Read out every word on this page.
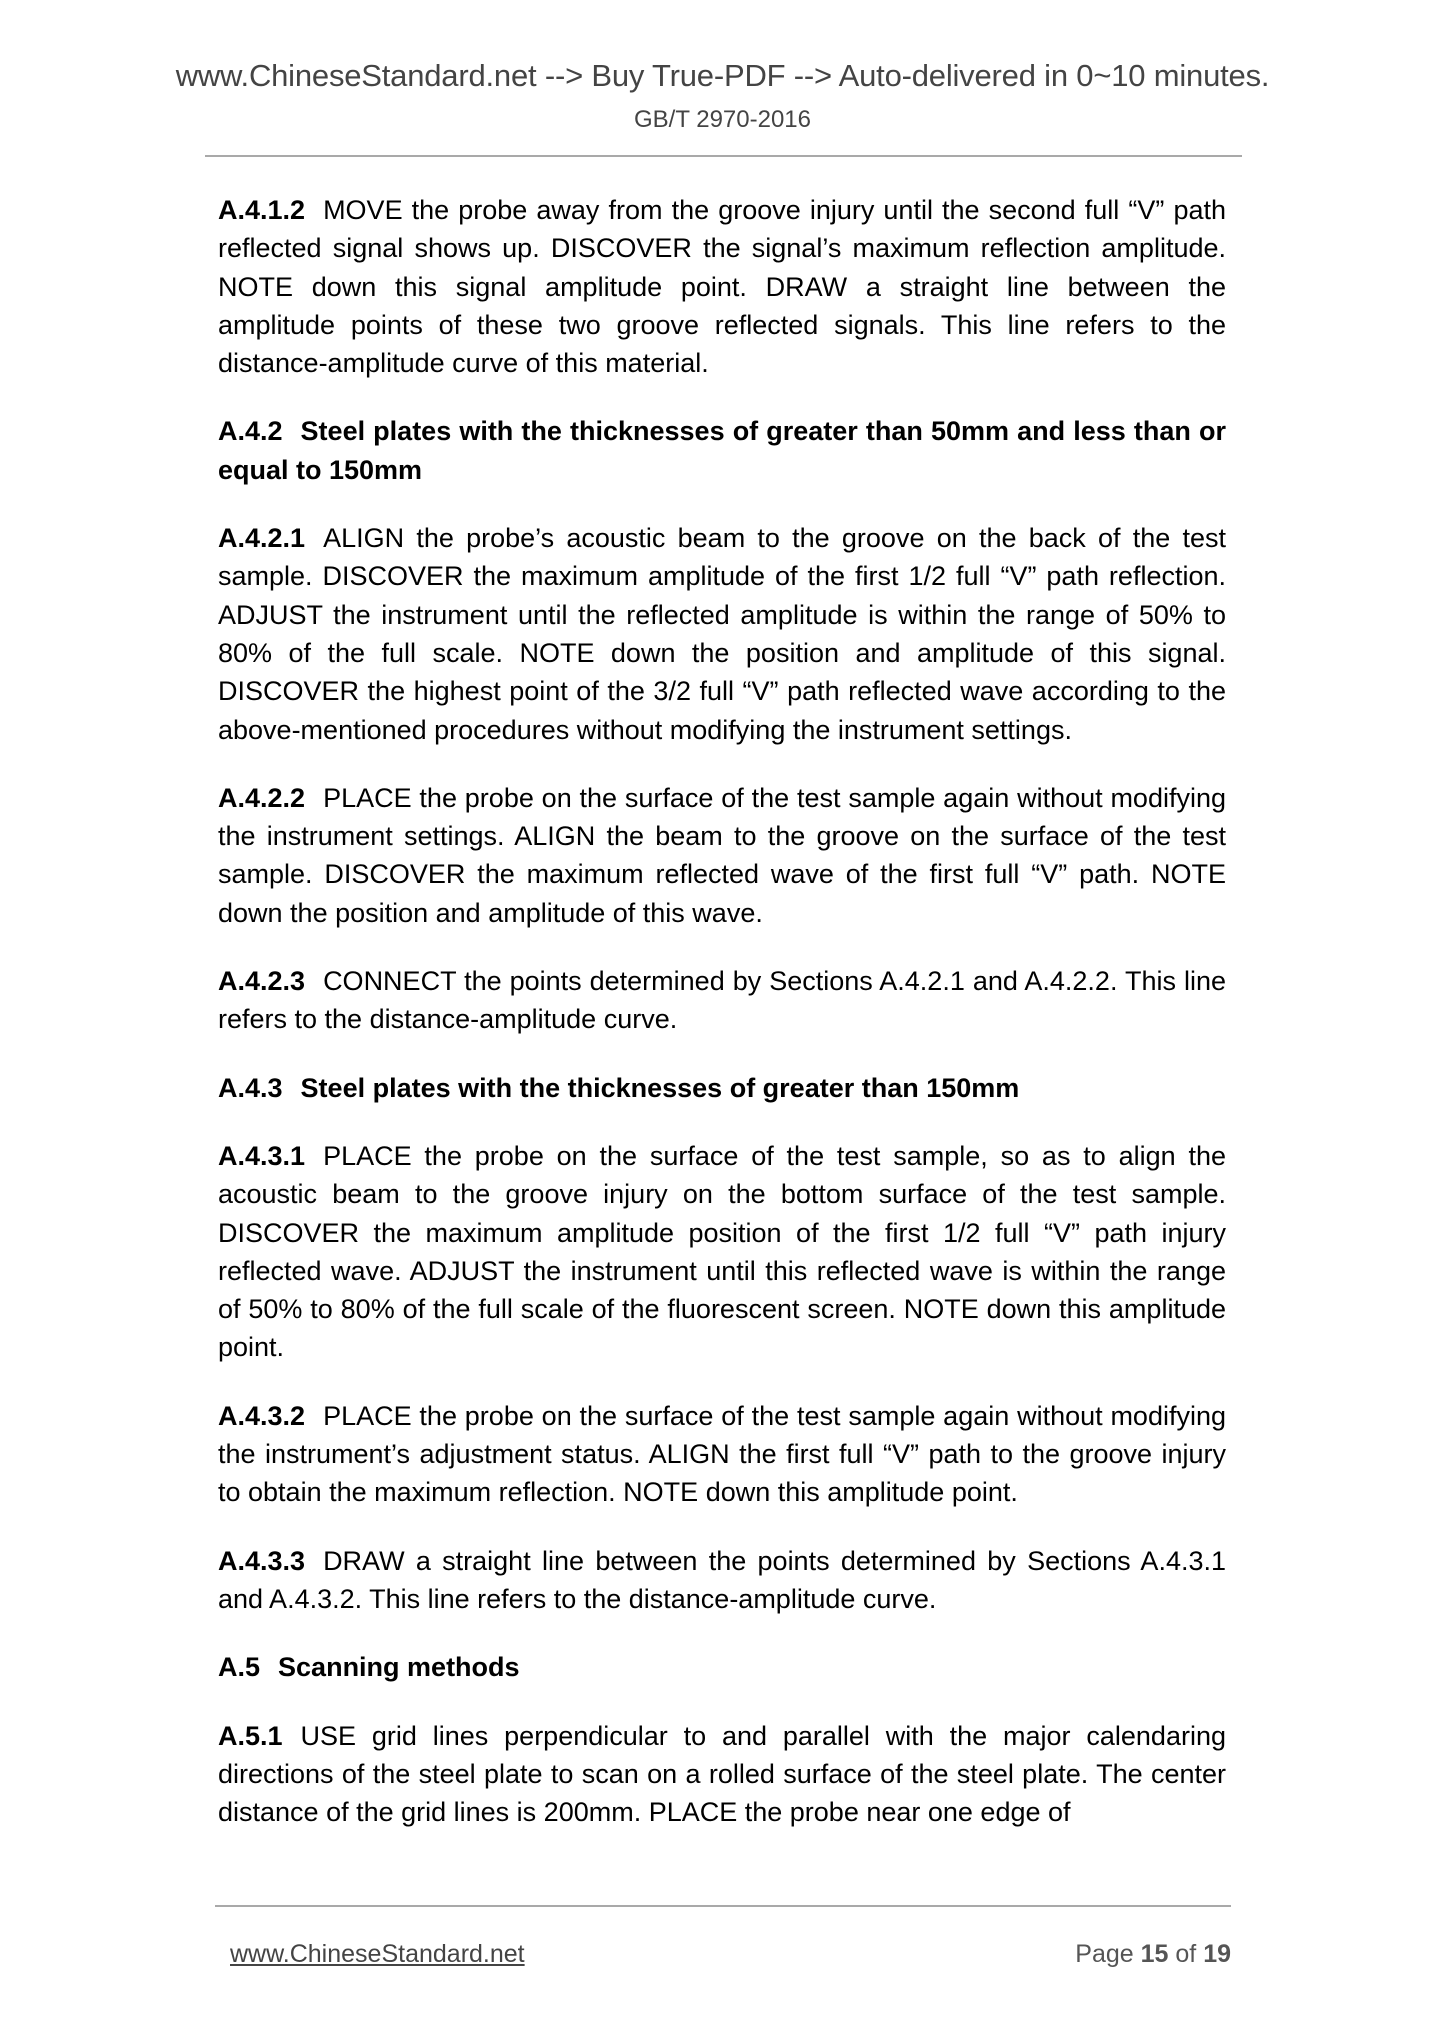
www.ChineseStandard.net --> Buy True-PDF --> Auto-delivered in 0~10 minutes.
GB/T 2970-2016

A.4.1.2 MOVE the probe away from the groove injury until the second full “V” path reflected signal shows up. DISCOVER the signal’s maximum reflection amplitude. NOTE down this signal amplitude point. DRAW a straight line between the amplitude points of these two groove reflected signals. This line refers to the distance-amplitude curve of this material.

A.4.2 Steel plates with the thicknesses of greater than 50mm and less than or equal to 150mm

A.4.2.1 ALIGN the probe’s acoustic beam to the groove on the back of the test sample. DISCOVER the maximum amplitude of the first 1/2 full “V” path reflection. ADJUST the instrument until the reflected amplitude is within the range of 50% to 80% of the full scale. NOTE down the position and amplitude of this signal. DISCOVER the highest point of the 3/2 full “V” path reflected wave according to the above-mentioned procedures without modifying the instrument settings.

A.4.2.2 PLACE the probe on the surface of the test sample again without modifying the instrument settings. ALIGN the beam to the groove on the surface of the test sample. DISCOVER the maximum reflected wave of the first full “V” path. NOTE down the position and amplitude of this wave.

A.4.2.3 CONNECT the points determined by Sections A.4.2.1 and A.4.2.2. This line refers to the distance-amplitude curve.

A.4.3 Steel plates with the thicknesses of greater than 150mm

A.4.3.1 PLACE the probe on the surface of the test sample, so as to align the acoustic beam to the groove injury on the bottom surface of the test sample. DISCOVER the maximum amplitude position of the first 1/2 full “V” path injury reflected wave. ADJUST the instrument until this reflected wave is within the range of 50% to 80% of the full scale of the fluorescent screen. NOTE down this amplitude point.

A.4.3.2 PLACE the probe on the surface of the test sample again without modifying the instrument’s adjustment status. ALIGN the first full “V” path to the groove injury to obtain the maximum reflection. NOTE down this amplitude point.

A.4.3.3 DRAW a straight line between the points determined by Sections A.4.3.1 and A.4.3.2. This line refers to the distance-amplitude curve.

A.5 Scanning methods

A.5.1 USE grid lines perpendicular to and parallel with the major calendaring directions of the steel plate to scan on a rolled surface of the steel plate. The center distance of the grid lines is 200mm. PLACE the probe near one edge of

www.ChineseStandard.net	Page 15 of 19
